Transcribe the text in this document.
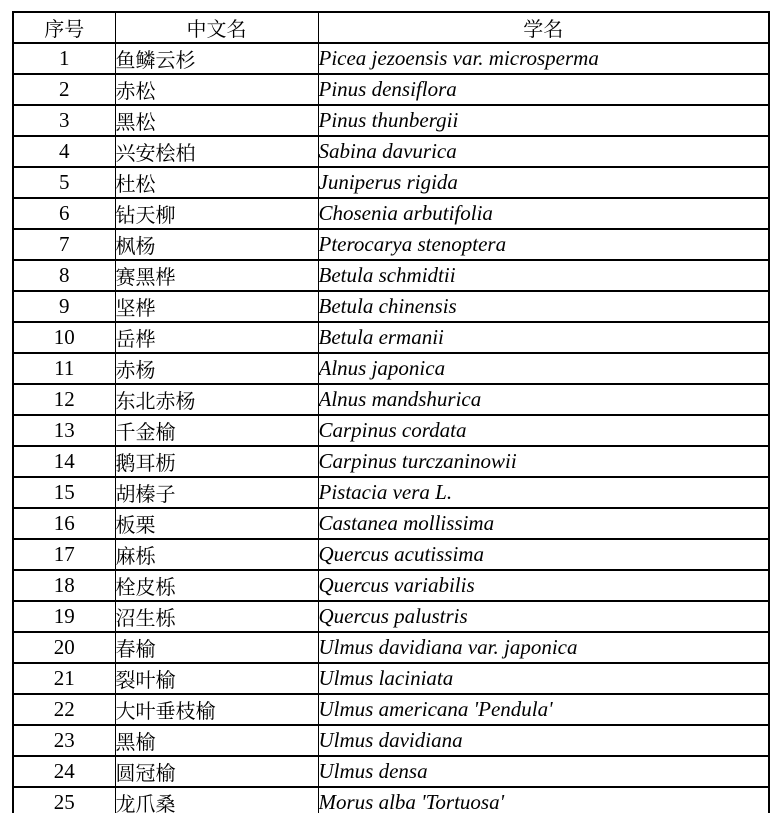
序号	中文名	学名
1	鱼鳞云杉	Picea jezoensis var. microsperma
2	赤松	Pinus densiflora
3	黑松	Pinus thunbergii
4	兴安桧柏	Sabina davurica
5	杜松	Juniperus rigida
6	钻天柳	Chosenia arbutifolia
7	枫杨	Pterocarya stenoptera
8	赛黑桦	Betula schmidtii
9	坚桦	Betula chinensis
10	岳桦	Betula ermanii
11	赤杨	Alnus japonica
12	东北赤杨	Alnus mandshurica
13	千金榆	Carpinus cordata
14	鹅耳枥	Carpinus turczaninowii
15	胡榛子	Pistacia vera L.
16	板栗	Castanea mollissima
17	麻栎	Quercus acutissima
18	栓皮栎	Quercus variabilis
19	沼生栎	Quercus palustris
20	春榆	Ulmus davidiana var. japonica
21	裂叶榆	Ulmus laciniata
22	大叶垂枝榆	Ulmus americana 'Pendula'
23	黑榆	Ulmus davidiana
24	圆冠榆	Ulmus densa
25	龙爪桑	Morus alba 'Tortuosa'
